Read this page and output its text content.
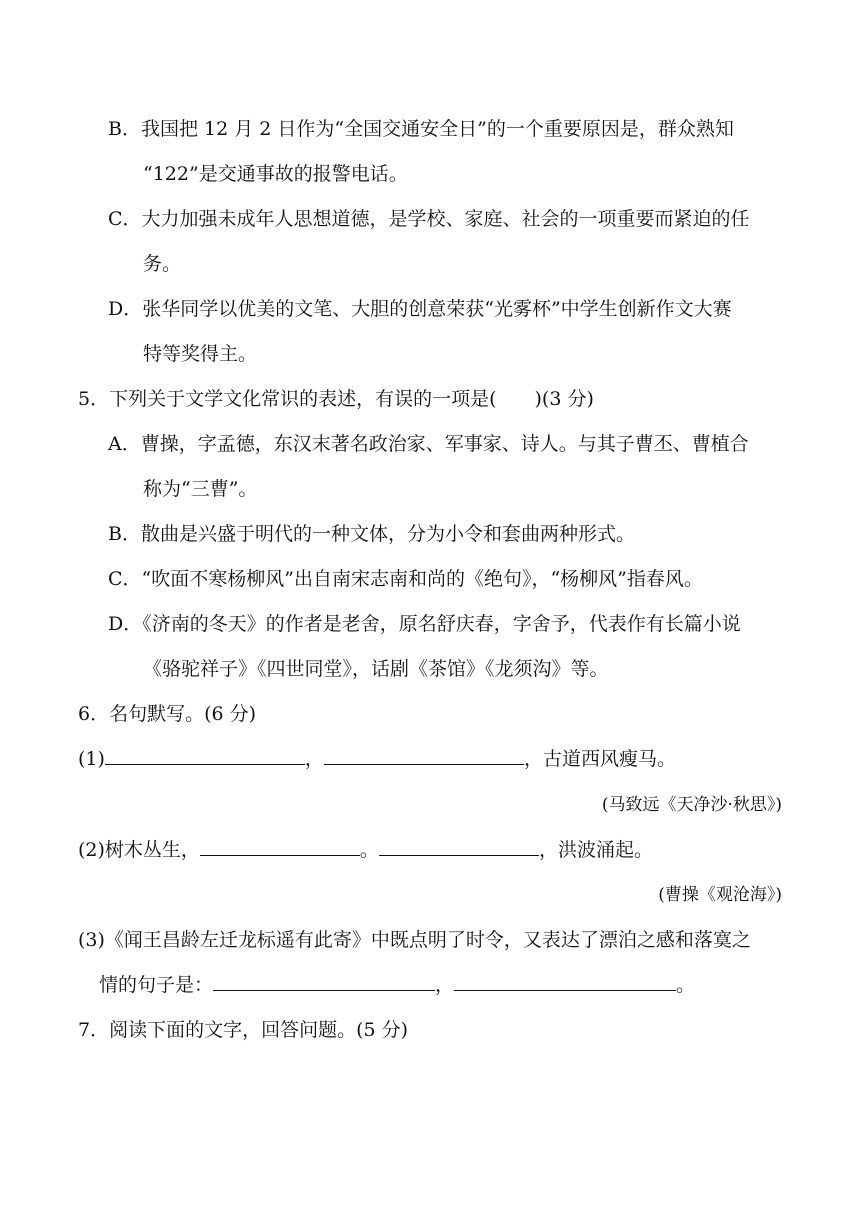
B．我国把 12 月 2 日作为“全国交通安全日”的一个重要原因是，群众熟知
“122”是交通事故的报警电话。
C．大力加强未成年人思想道德，是学校、家庭、社会的一项重要而紧迫的任
务。
D．张华同学以优美的文笔、大胆的创意荣获“光雾杯”中学生创新作文大赛
特等奖得主。
5．下列关于文学文化常识的表述，有误的一项是(　　)(3 分)
A．曹操，字孟德，东汉末著名政治家、军事家、诗人。与其子曹丕、曹植合
称为“三曹”。
B．散曲是兴盛于明代的一种文体，分为小令和套曲两种形式。
C．“吹面不寒杨柳风”出自南宋志南和尚的《绝句》，“杨柳风”指春风。
D．《济南的冬天》的作者是老舍，原名舒庆春，字舍予，代表作有长篇小说
《骆驼祥子》《四世同堂》，话剧《茶馆》《龙须沟》等。
6．名句默写。(6 分)
(1)	，	，古道西风瘦马。
(马致远《天净沙·秋思》)
(2)树木丛生，	。	，洪波涌起。
(曹操《观沧海》)
(3)《闻王昌龄左迁龙标遥有此寄》中既点明了时令，又表达了漂泊之感和落寞之
情的句子是：	，	。
7．阅读下面的文字，回答问题。(5 分)
